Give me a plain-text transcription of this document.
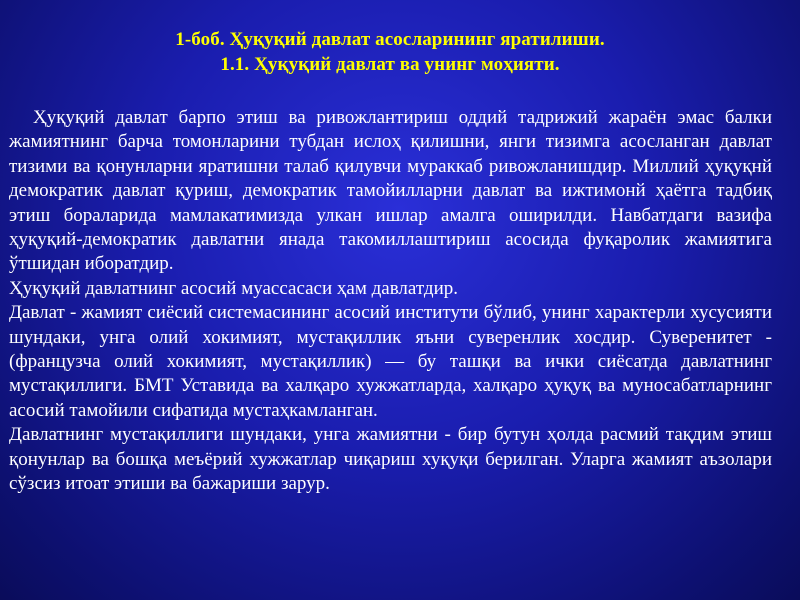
1-боб. Ҳуқуқий давлат асосларининг яратилиши.
1.1. Ҳуқуқий давлат ва унинг моҳияти.

Ҳуқуқий давлат барпо этиш ва ривожлантириш оддий тадрижий жараён эмас балки жамиятнинг барча томонларини тубдан ислоҳ қилишни, янги тизимга асосланган давлат тизими ва қонунларни яратишни талаб қилувчи мураккаб ривожланишдир. Миллий ҳуқуқнй демократик давлат қуриш, демократик тамойилларни давлат ва ижтимонй ҳаётга тадбиқ этиш бораларида мамлакатимизда улкан ишлар амалга оширилди. Навбатдаги вазифа ҳуқуқий-демократик давлатни янада такомиллаштириш асосида фуқаролик жамиятига ўтшидан иборатдир.

Ҳуқуқий давлатнинг асосий муассасаси ҳам давлатдир.

Давлат - жамият сиёсий системасининг асосий институти бўлиб, унинг характерли хусусияти шундаки, унга олий хокимият, мустақиллик яъни суверенлик хосдир. Суверенитет - (французча олий хокимият, мустақиллик) — бу ташқи ва ички сиёсатда давлатнинг мустақиллиги. БМТ Уставида ва халқаро хужжатларда, халқаро ҳуқуқ ва муносабатларнинг асосий тамойили сифатида мустаҳкамланган.

Давлатнинг мустақиллиги шундаки, унга жамиятни - бир бутун ҳолда расмий тақдим этиш қонунлар ва бошқа меъёрий хужжатлар чиқариш хуқуқи берилган. Уларга жамият аъзолари сўзсиз итоат этиши ва бажариши зарур.
